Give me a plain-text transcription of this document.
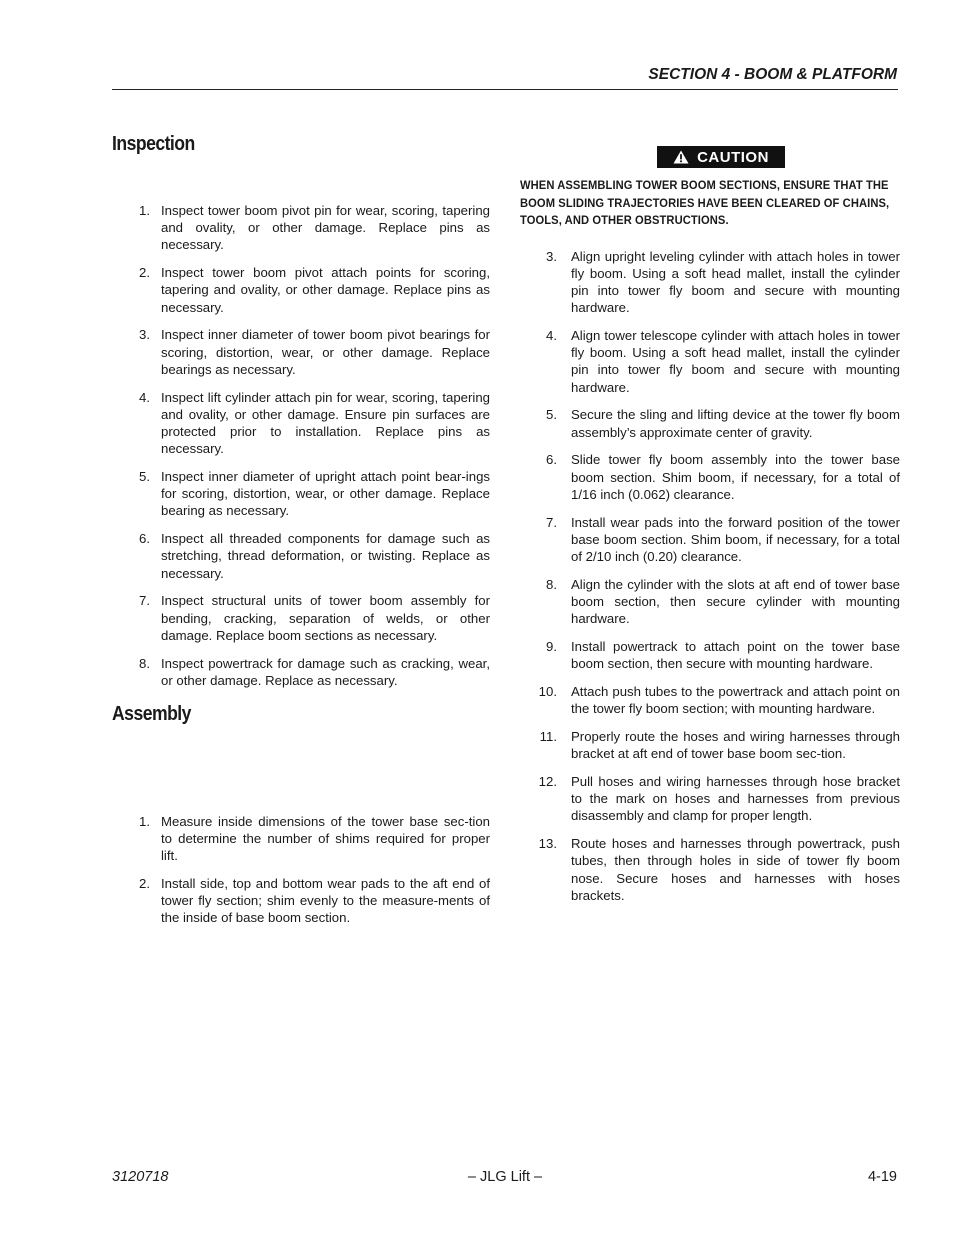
SECTION 4 - BOOM & PLATFORM
Inspection
1. Inspect tower boom pivot pin for wear, scoring, tapering and ovality, or other damage. Replace pins as necessary.
2. Inspect tower boom pivot attach points for scoring, tapering and ovality, or other damage. Replace pins as necessary.
3. Inspect inner diameter of tower boom pivot bearings for scoring, distortion, wear, or other damage. Replace bearings as necessary.
4. Inspect lift cylinder attach pin for wear, scoring, tapering and ovality, or other damage. Ensure pin surfaces are protected prior to installation. Replace pins as necessary.
5. Inspect inner diameter of upright attach point bear-ings for scoring, distortion, wear, or other damage. Replace bearing as necessary.
6. Inspect all threaded components for damage such as stretching, thread deformation, or twisting. Replace as necessary.
7. Inspect structural units of tower boom assembly for bending, cracking, separation of welds, or other damage. Replace boom sections as necessary.
8. Inspect powertrack for damage such as cracking, wear, or other damage. Replace as necessary.
Assembly
1. Measure inside dimensions of the tower base sec-tion to determine the number of shims required for proper lift.
2. Install side, top and bottom wear pads to the aft end of tower fly section; shim evenly to the measure-ments of the inside of base boom section.
CAUTION
WHEN ASSEMBLING TOWER BOOM SECTIONS, ENSURE THAT THE BOOM SLIDING TRAJECTORIES HAVE BEEN CLEARED OF CHAINS, TOOLS, AND OTHER OBSTRUCTIONS.
3. Align upright leveling cylinder with attach holes in tower fly boom. Using a soft head mallet, install the cylinder pin into tower fly boom and secure with mounting hardware.
4. Align tower telescope cylinder with attach holes in tower fly boom. Using a soft head mallet, install the cylinder pin into tower fly boom and secure with mounting hardware.
5. Secure the sling and lifting device at the tower fly boom assembly’s approximate center of gravity.
6. Slide tower fly boom assembly into the tower base boom section. Shim boom, if necessary, for a total of 1/16 inch (0.062) clearance.
7. Install wear pads into the forward position of the tower base boom section. Shim boom, if necessary, for a total of 2/10 inch (0.20) clearance.
8. Align the cylinder with the slots at aft end of tower base boom section, then secure cylinder with mounting hardware.
9. Install powertrack to attach point on the tower base boom section, then secure with mounting hardware.
10. Attach push tubes to the powertrack and attach point on the tower fly boom section; with mounting hardware.
11. Properly route the hoses and wiring harnesses through bracket at aft end of tower base boom sec-tion.
12. Pull hoses and wiring harnesses through hose bracket to the mark on hoses and harnesses from previous disassembly and clamp for proper length.
13. Route hoses and harnesses through powertrack, push tubes, then through holes in side of tower fly boom nose. Secure hoses and harnesses with hoses brackets.
3120718	– JLG Lift –	4-19
